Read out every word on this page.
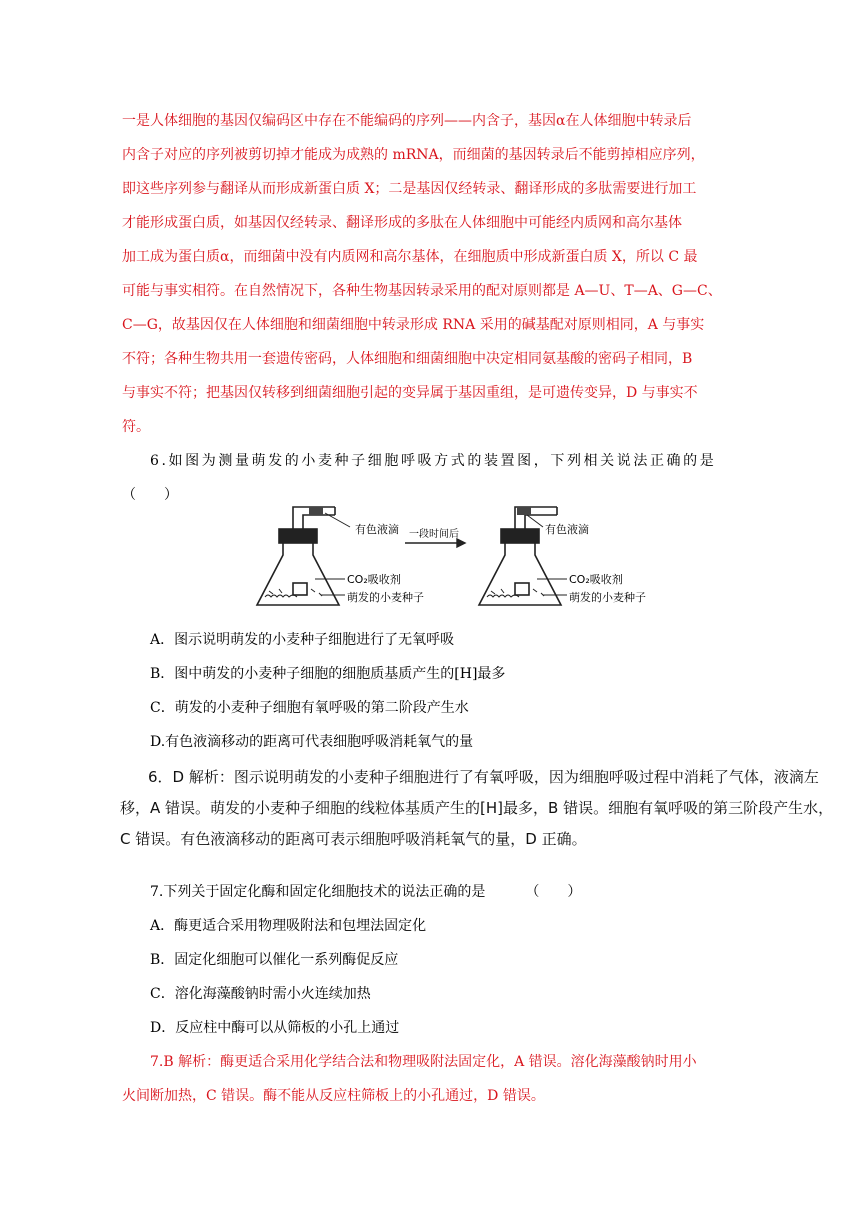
一是人体细胞的基因仅编码区中存在不能编码的序列——内含子，基因α在人体细胞中转录后
内含子对应的序列被剪切掉才能成为成熟的 mRNA，而细菌的基因转录后不能剪掉相应序列，
即这些序列参与翻译从而形成新蛋白质 X；二是基因仅经转录、翻译形成的多肽需要进行加工
才能形成蛋白质，如基因仅经转录、翻译形成的多肽在人体细胞中可能经内质网和高尔基体
加工成为蛋白质α，而细菌中没有内质网和高尔基体，在细胞质中形成新蛋白质 X，所以 C 最
可能与事实相符。在自然情况下，各种生物基因转录采用的配对原则都是 A—U、T—A、G—C、
C—G，故基因仅在人体细胞和细菌细胞中转录形成 RNA 采用的碱基配对原则相同，A 与事实
不符；各种生物共用一套遗传密码，人体细胞和细菌细胞中决定相同氨基酸的密码子相同，B
与事实不符；把基因仅转移到细菌细胞引起的变异属于基因重组，是可遗传变异，D 与事实不
符。
6.如图为测量萌发的小麦种子细胞呼吸方式的装置图，下列相关说法正确的是
（　　）
有色液滴
CO₂吸收剂
萌发的小麦种子
一段时间后	有色液滴
CO₂吸收剂
萌发的小麦种子
A．图示说明萌发的小麦种子细胞进行了无氧呼吸
B．图中萌发的小麦种子细胞的细胞质基质产生的[H]最多
C．萌发的小麦种子细胞有氧呼吸的第二阶段产生水
D.有色液滴移动的距离可代表细胞呼吸消耗氧气的量
6．D 解析：图示说明萌发的小麦种子细胞进行了有氧呼吸，因为细胞呼吸过程中消耗了气体，液滴左
移，A 错误。萌发的小麦种子细胞的线粒体基质产生的[H]最多，B 错误。细胞有氧呼吸的第三阶段产生水，
C 错误。有色液滴移动的距离可表示细胞呼吸消耗氧气的量，D 正确。
7.下列关于固定化酶和固定化细胞技术的说法正确的是	（　　）
A．酶更适合采用物理吸附法和包埋法固定化
B．固定化细胞可以催化一系列酶促反应
C．溶化海藻酸钠时需小火连续加热
D．反应柱中酶可以从筛板的小孔上通过
7.B 解析：酶更适合采用化学结合法和物理吸附法固定化，A 错误。溶化海藻酸钠时用小
火间断加热，C 错误。酶不能从反应柱筛板上的小孔通过，D 错误。
